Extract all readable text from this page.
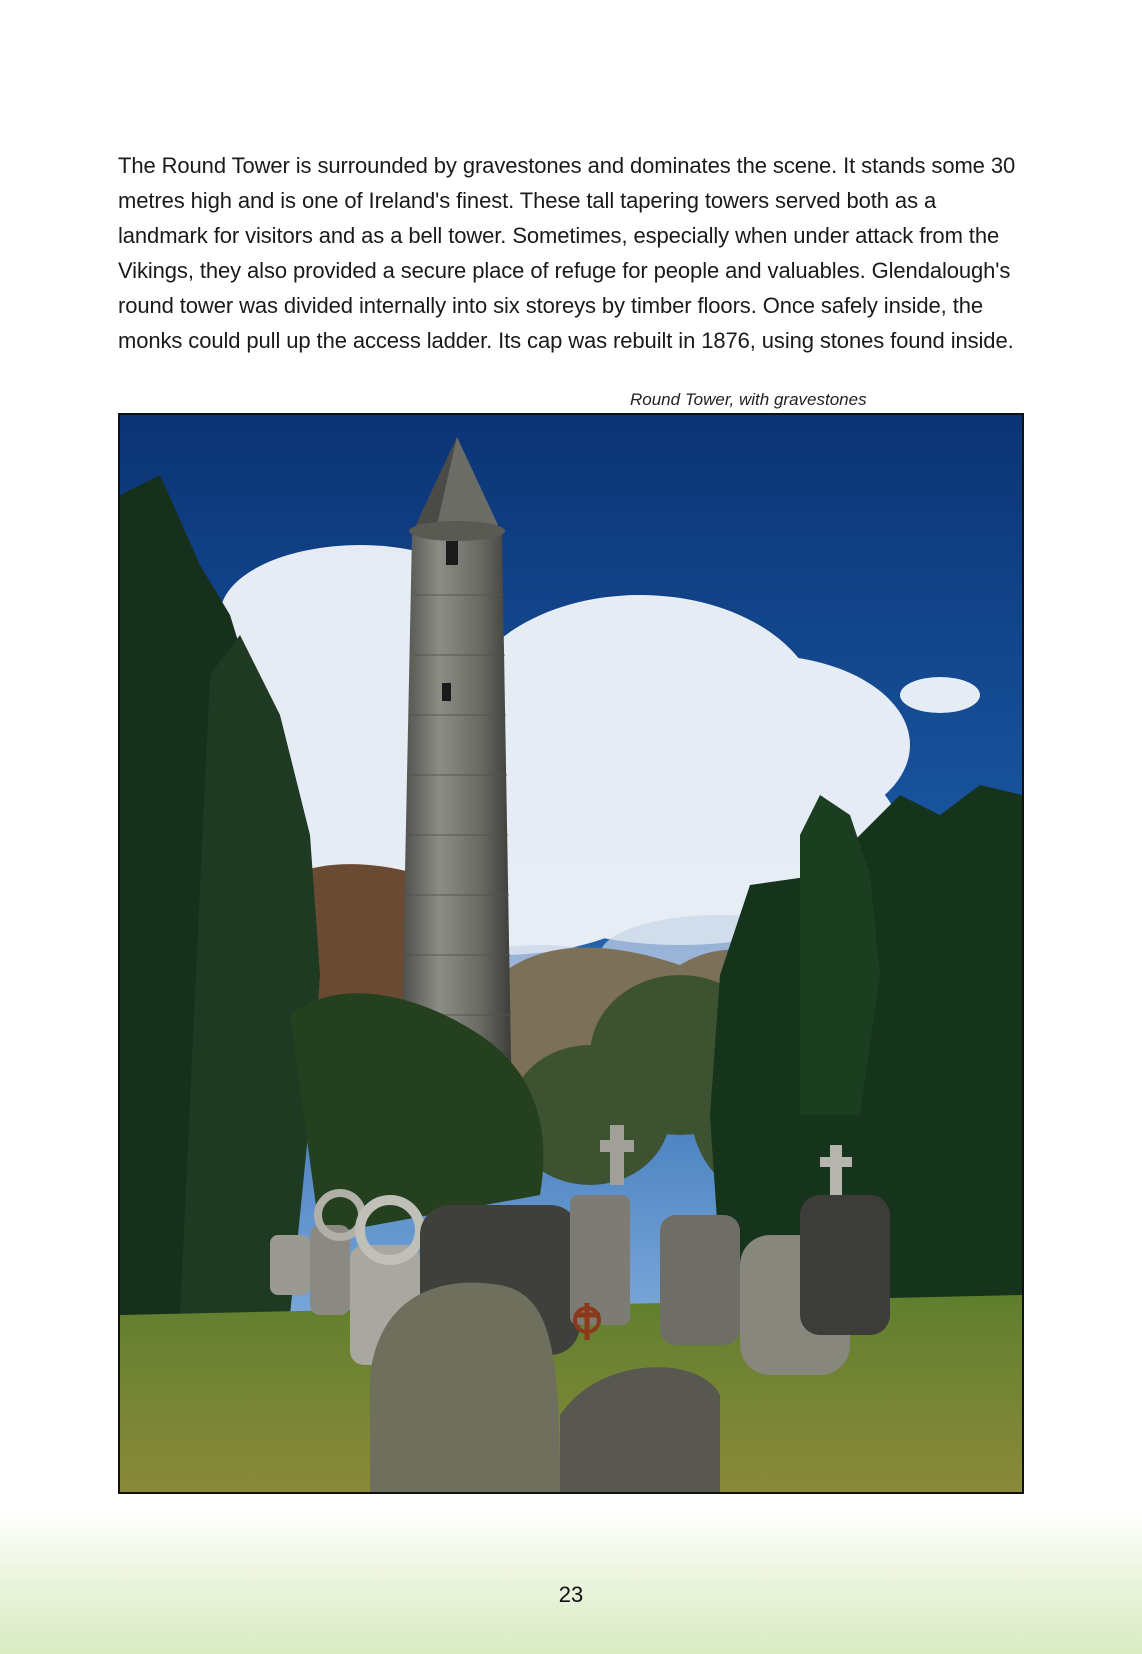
The Round Tower is surrounded by gravestones and dominates the scene. It stands some 30 metres high and is one of Ireland's finest. These tall tapering towers served both as a landmark for visitors and as a bell tower. Sometimes, especially when under attack from the Vikings, they also provided a secure place of refuge for people and valuables. Glendalough's round tower was divided internally into six storeys by timber floors. Once safely inside, the monks could pull up the access ladder. Its cap was rebuilt in 1876, using stones found inside.

Round Tower, with gravestones
23
